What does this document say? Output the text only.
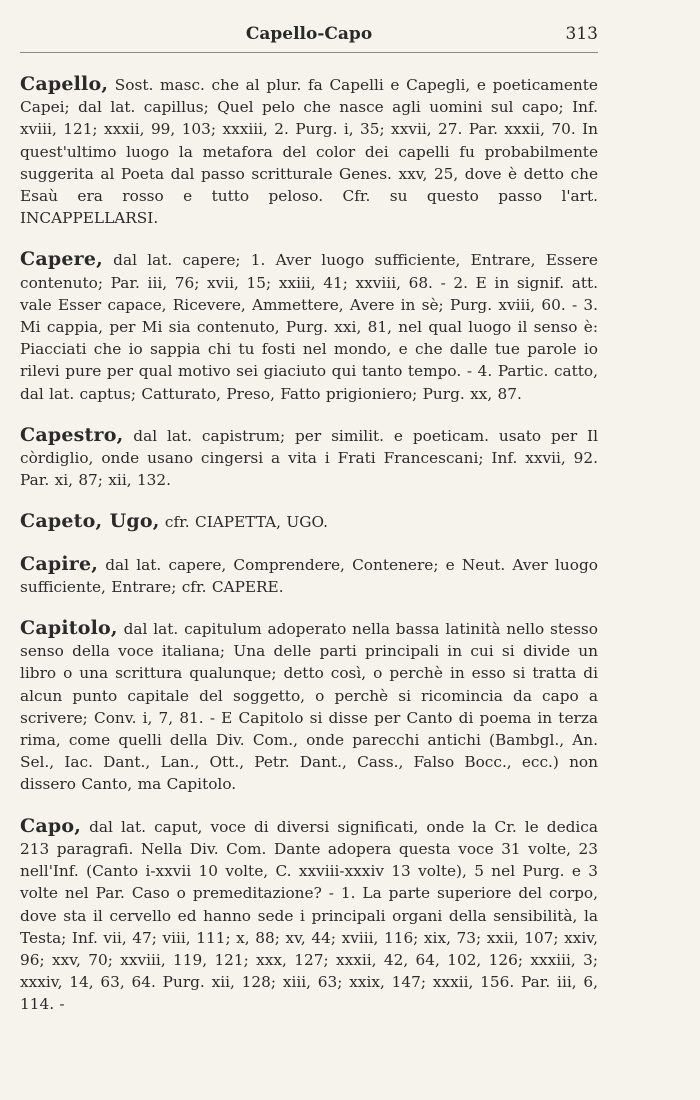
Capello-Capo	313

Capello, Sost. masc. che al plur. fa Capelli e Capegli, e poeticamente Capei; dal lat. capillus; Quel pelo che nasce agli uomini sul capo; Inf. xviii, 121; xxxii, 99, 103; xxxiii, 2. Purg. i, 35; xxvii, 27. Par. xxxii, 70. In quest'ultimo luogo la metafora del color dei capelli fu probabilmente suggerita al Poeta dal passo scritturale Genes. xxv, 25, dove è detto che Esaù era rosso e tutto peloso. Cfr. su questo passo l'art. INCAPPELLARSI.

Capere, dal lat. capere; 1. Aver luogo sufficiente, Entrare, Essere contenuto; Par. iii, 76; xvii, 15; xxiii, 41; xxviii, 68. - 2. E in signif. att. vale Esser capace, Ricevere, Ammettere, Avere in sè; Purg. xviii, 60. - 3. Mi cappia, per Mi sia contenuto, Purg. xxi, 81, nel qual luogo il senso è: Piacciati che io sappia chi tu fosti nel mondo, e che dalle tue parole io rilevi pure per qual motivo sei giaciuto qui tanto tempo. - 4. Partic. catto, dal lat. captus; Catturato, Preso, Fatto prigioniero; Purg. xx, 87.

Capestro, dal lat. capistrum; per similit. e poeticam. usato per Il còrdiglio, onde usano cingersi a vita i Frati Francescani; Inf. xxvii, 92. Par. xi, 87; xii, 132.

Capeto, Ugo, cfr. CIAPETTA, UGO.

Capire, dal lat. capere, Comprendere, Contenere; e Neut. Aver luogo sufficiente, Entrare; cfr. CAPERE.

Capitolo, dal lat. capitulum adoperato nella bassa latinità nello stesso senso della voce italiana; Una delle parti principali in cui si divide un libro o una scrittura qualunque; detto così, o perchè in esso si tratta di alcun punto capitale del soggetto, o perchè si ricomincia da capo a scrivere; Conv. i, 7, 81. - E Capitolo si disse per Canto di poema in terza rima, come quelli della Div. Com., onde parecchi antichi (Bambgl., An. Sel., Iac. Dant., Lan., Ott., Petr. Dant., Cass., Falso Bocc., ecc.) non dissero Canto, ma Capitolo.

Capo, dal lat. caput, voce di diversi significati, onde la Cr. le dedica 213 paragrafi. Nella Div. Com. Dante adopera questa voce 31 volte, 23 nell'Inf. (Canto i-xxvii 10 volte, C. xxviii-xxxiv 13 volte), 5 nel Purg. e 3 volte nel Par. Caso o premeditazione? - 1. La parte superiore del corpo, dove sta il cervello ed hanno sede i principali organi della sensibilità, la Testa; Inf. vii, 47; viii, 111; x, 88; xv, 44; xviii, 116; xix, 73; xxii, 107; xxiv, 96; xxv, 70; xxviii, 119, 121; xxx, 127; xxxii, 42, 64, 102, 126; xxxiii, 3; xxxiv, 14, 63, 64. Purg. xii, 128; xiii, 63; xxix, 147; xxxii, 156. Par. iii, 6, 114. -
